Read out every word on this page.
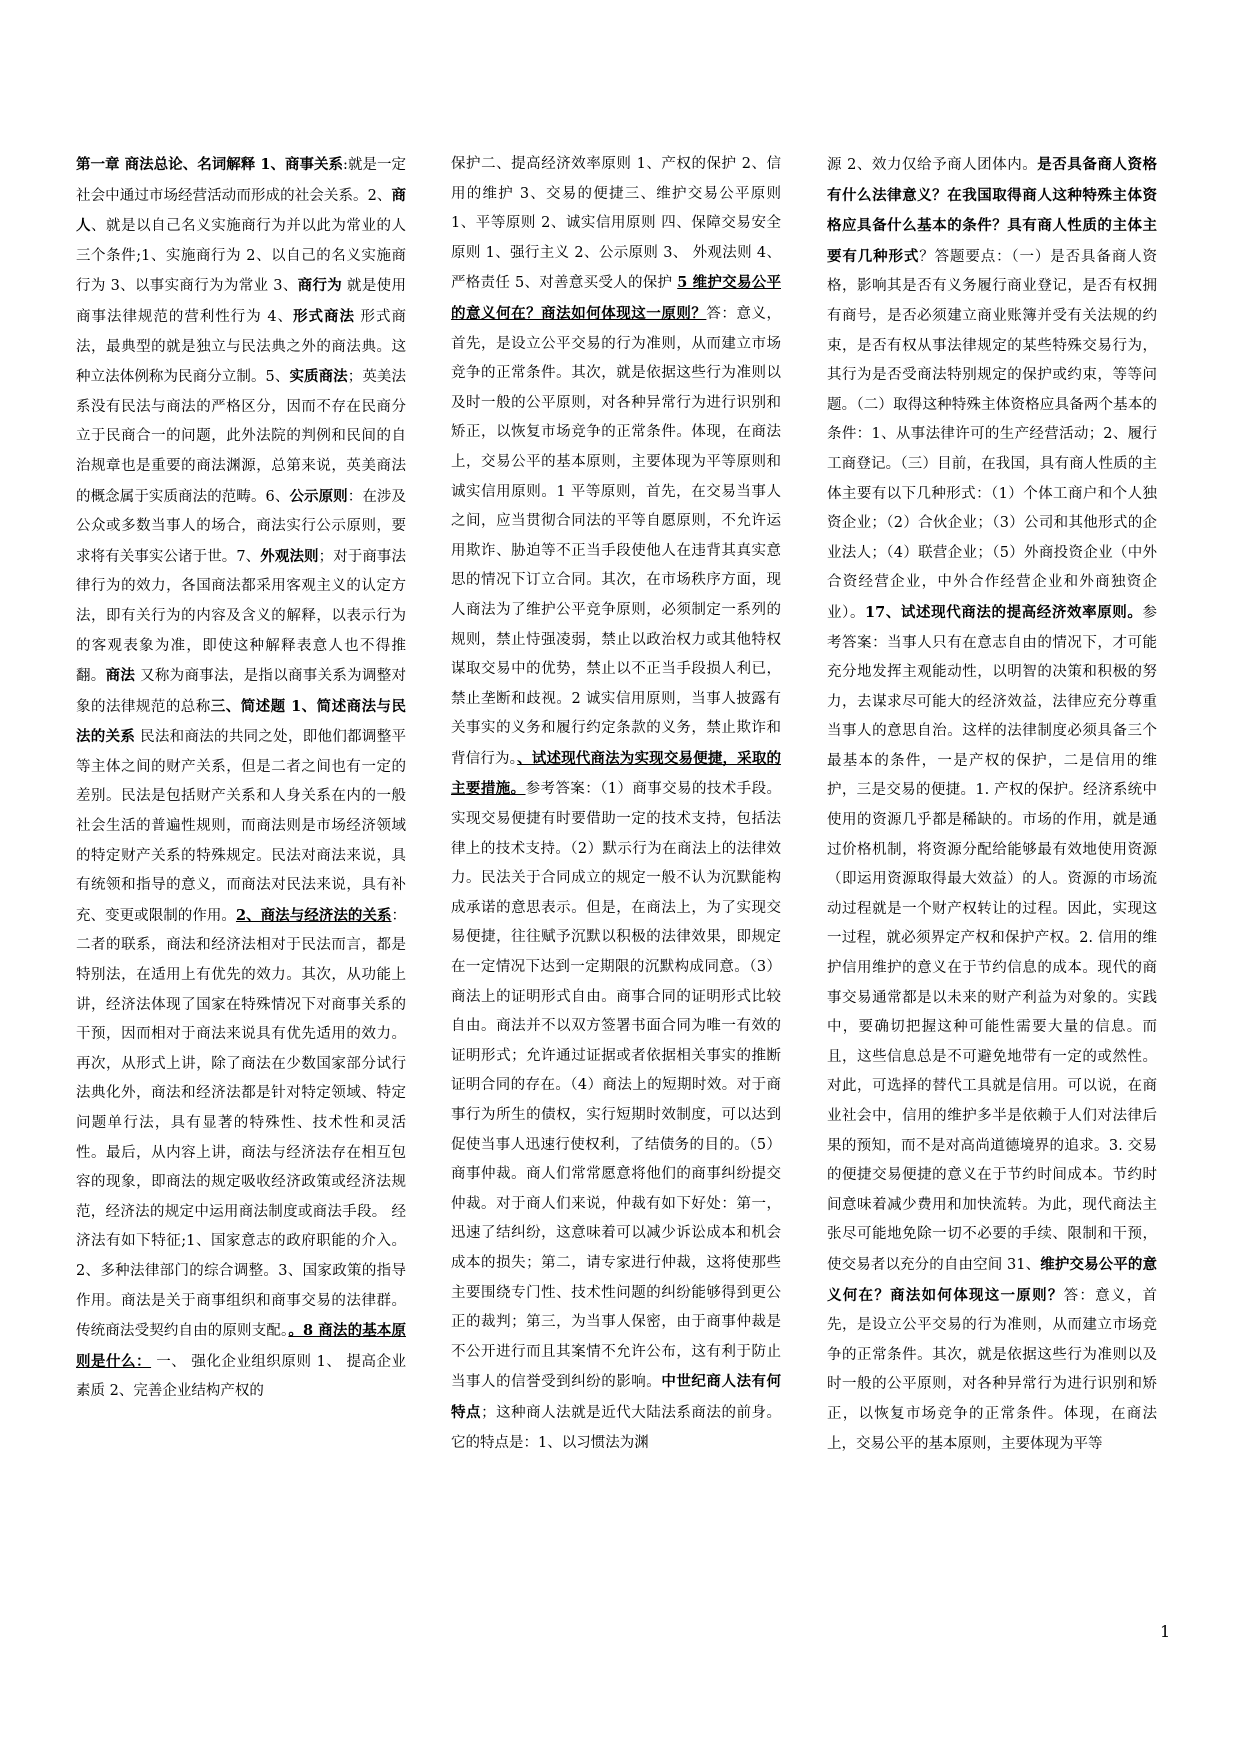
第一章 商法总论、名词解释 1、商事关系:就是一定社会中通过市场经营活动而形成的社会关系。2、商人、就是以自己名义实施商行为并以此为常业的人三个条件;1、实施商行为 2、以自己的名义实施商行为 3、以事实商行为为常业 3、商行为 就是使用商事法律规范的营利性行为 4、形式商法 形式商法，最典型的就是独立与民法典之外的商法典。这种立法体例称为民商分立制。5、实质商法；英美法系没有民法与商法的严格区分，因而不存在民商分立于民商合一的问题，此外法院的判例和民间的自治规章也是重要的商法渊源，总第来说，英美商法的概念属于实质商法的范畴。6、公示原则：在涉及公众或多数当事人的场合，商法实行公示原则，要求将有关事实公诸于世。7、外观法则；对于商事法律行为的效力，各国商法都采用客观主义的认定方法，即有关行为的内容及含义的解释，以表示行为的客观表象为准，即使这种解释表意人也不得推翻。商法 又称为商事法，是指以商事关系为调整对象的法律规范的总称三、简述题 1、简述商法与民法的关系 民法和商法的共同之处，即他们都调整平等主体之间的财产关系，但是二者之间也有一定的差别。民法是包括财产关系和人身关系在内的一般社会生活的普遍性规则，而商法则是市场经济领域的特定财产关系的特殊规定。民法对商法来说，具有统领和指导的意义，而商法对民法来说，具有补充、变更或限制的作用。2、商法与经济法的关系：二者的联系，商法和经济法相对于民法而言，都是特别法，在适用上有优先的效力。其次，从功能上讲，经济法体现了国家在特殊情况下对商事关系的干预，因而相对于商法来说具有优先适用的效力。再次，从形式上讲，除了商法在少数国家部分试行法典化外，商法和经济法都是针对特定领域、特定问题单行法，具有显著的特殊性、技术性和灵活性。最后，从内容上讲，商法与经济法存在相互包容的现象，即商法的规定吸收经济政策或经济法规范，经济法的规定中运用商法制度或商法手段。 经济法有如下特征;1、国家意志的政府职能的介入。2、多种法律部门的综合调整。3、国家政策的指导作用。商法是关于商事组织和商事交易的法律群。传统商法受契约自由的原则支配。。8 商法的基本原则是什么： 一、 强化企业组织原则 1、 提高企业素质 2、完善企业结构产权的
保护二、提高经济效率原则 1、产权的保护 2、信用的维护 3、交易的便捷三、维护交易公平原则 1、平等原则 2、诚实信用原则 四、保障交易安全原则 1、强行主义 2、公示原则 3、 外观法则 4、严格责任 5、对善意买受人的保护 5 维护交易公平的意义何在？商法如何体现这一原则？答：意义，首先，是设立公平交易的行为准则，从而建立市场竞争的正常条件。其次，就是依据这些行为准则以及时一般的公平原则，对各种异常行为进行识别和矫正，以恢复市场竞争的正常条件。体现，在商法上，交易公平的基本原则，主要体现为平等原则和诚实信用原则。1 平等原则，首先，在交易当事人之间，应当贯彻合同法的平等自愿原则，不允许运用欺诈、胁迫等不正当手段使他人在违背其真实意思的情况下订立合同。其次，在市场秩序方面，现人商法为了维护公平竞争原则，必须制定一系列的规则，禁止恃强凌弱，禁止以政治权力或其他特权谋取交易中的优势，禁止以不正当手段损人利已，禁止垄断和歧视。2 诚实信用原则，当事人披露有关事实的义务和履行约定条款的义务，禁止欺诈和背信行为。、试述现代商法为实现交易便捷，采取的主要措施。参考答案：（1）商事交易的技术手段。实现交易便捷有时要借助一定的技术支持，包括法律上的技术支持。（2）默示行为在商法上的法律效力。民法关于合同成立的规定一般不认为沉默能构成承诺的意思表示。但是，在商法上，为了实现交易便捷，往往赋予沉默以积极的法律效果，即规定在一定情况下达到一定期限的沉默构成同意。（3）商法上的证明形式自由。商事合同的证明形式比较自由。商法并不以双方签署书面合同为唯一有效的证明形式；允许通过证据或者依据相关事实的推断证明合同的存在。（4）商法上的短期时效。对于商事行为所生的债权，实行短期时效制度，可以达到促使当事人迅速行使权利，了结债务的目的。（5）商事仲裁。商人们常常愿意将他们的商事纠纷提交仲裁。对于商人们来说，仲裁有如下好处：第一，迅速了结纠纷，这意味着可以减少诉讼成本和机会成本的损失；第二，请专家进行仲裁，这将使那些主要围绕专门性、技术性问题的纠纷能够得到更公正的裁判；第三，为当事人保密，由于商事仲裁是不公开进行而且其案情不允许公布，这有利于防止当事人的信誉受到纠纷的影响。中世纪商人法有何特点；这种商人法就是近代大陆法系商法的前身。它的特点是：1、以习惯法为渊
源 2、效力仅给予商人团体内。是否具备商人资格有什么法律意义？在我国取得商人这种特殊主体资格应具备什么基本的条件？具有商人性质的主体主要有几种形式？答题要点：（一）是否具备商人资格，影响其是否有义务履行商业登记，是否有权拥有商号，是否必须建立商业账簿并受有关法规的约束，是否有权从事法律规定的某些特殊交易行为，其行为是否受商法特别规定的保护或约束，等等问题。（二）取得这种特殊主体资格应具备两个基本的条件：1、从事法律许可的生产经营活动；2、履行工商登记。（三）目前，在我国，具有商人性质的主体主要有以下几种形式：（1）个体工商户和个人独资企业；（2）合伙企业；（3）公司和其他形式的企业法人；（4）联营企业；（5）外商投资企业（中外合资经营企业，中外合作经营企业和外商独资企业）。17、试述现代商法的提高经济效率原则。参考答案：当事人只有在意志自由的情况下，才可能充分地发挥主观能动性，以明智的决策和积极的努力，去谋求尽可能大的经济效益，法律应充分尊重当事人的意思自治。这样的法律制度必须具备三个最基本的条件，一是产权的保护，二是信用的维护，三是交易的便捷。1. 产权的保护。经济系统中使用的资源几乎都是稀缺的。市场的作用，就是通过价格机制，将资源分配给能够最有效地使用资源（即运用资源取得最大效益）的人。资源的市场流动过程就是一个财产权转让的过程。因此，实现这一过程，就必须界定产权和保护产权。2. 信用的维护信用维护的意义在于节约信息的成本。现代的商事交易通常都是以未来的财产利益为对象的。实践中，要确切把握这种可能性需要大量的信息。而且，这些信息总是不可避免地带有一定的或然性。对此，可选择的替代工具就是信用。可以说，在商业社会中，信用的维护多半是依赖于人们对法律后果的预知，而不是对高尚道德境界的追求。3. 交易的便捷交易便捷的意义在于节约时间成本。节约时间意味着减少费用和加快流转。为此，现代商法主张尽可能地免除一切不必要的手续、限制和干预，使交易者以充分的自由空间 31、维护交易公平的意义何在？商法如何体现这一原则？答：意义，首先，是设立公平交易的行为准则，从而建立市场竞争的正常条件。其次，就是依据这些行为准则以及时一般的公平原则，对各种异常行为进行识别和矫正，以恢复市场竞争的正常条件。体现，在商法上，交易公平的基本原则，主要体现为平等
1
